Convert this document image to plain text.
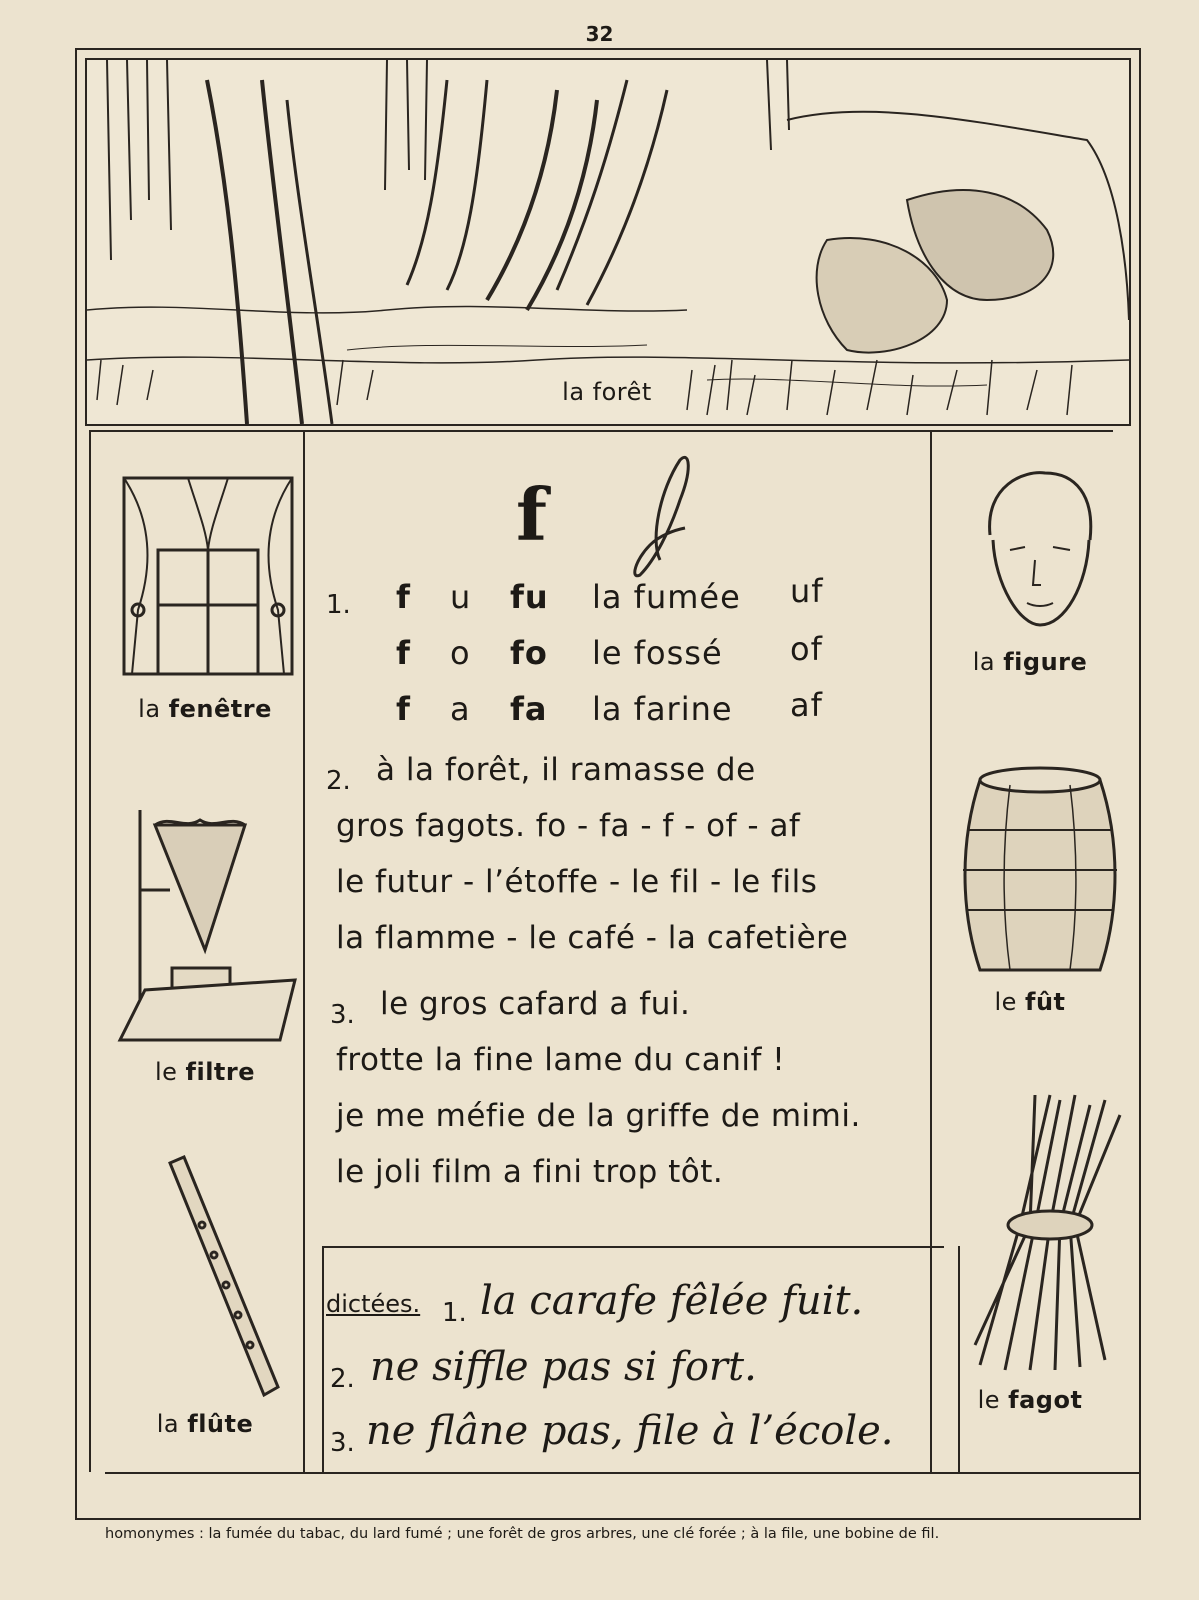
32
la forêt
la fenêtre
le filtre
la flûte
la figure
le fût
le fagot
f
1. f u fu la fumée uf
f o fo le fossé of
f a fa la farine af
2. à la forêt, il ramasse de
gros fagots. fo - fa - f - of - af
le futur - l’étoffe - le fil - le fils
la flamme - le café - la cafetière
3. le gros cafard a fui.
frotte la fine lame du canif !
je me méfie de la griffe de mimi.
le joli film a fini trop tôt.
dictées. 1. la carafe fêlée fuit.
2. ne siffle pas si fort.
3. ne flâne pas, file à l’école.
homonymes : la fumée du tabac, du lard fumé ; une forêt de gros arbres, une clé forée ; à la file, une bobine de fil.
